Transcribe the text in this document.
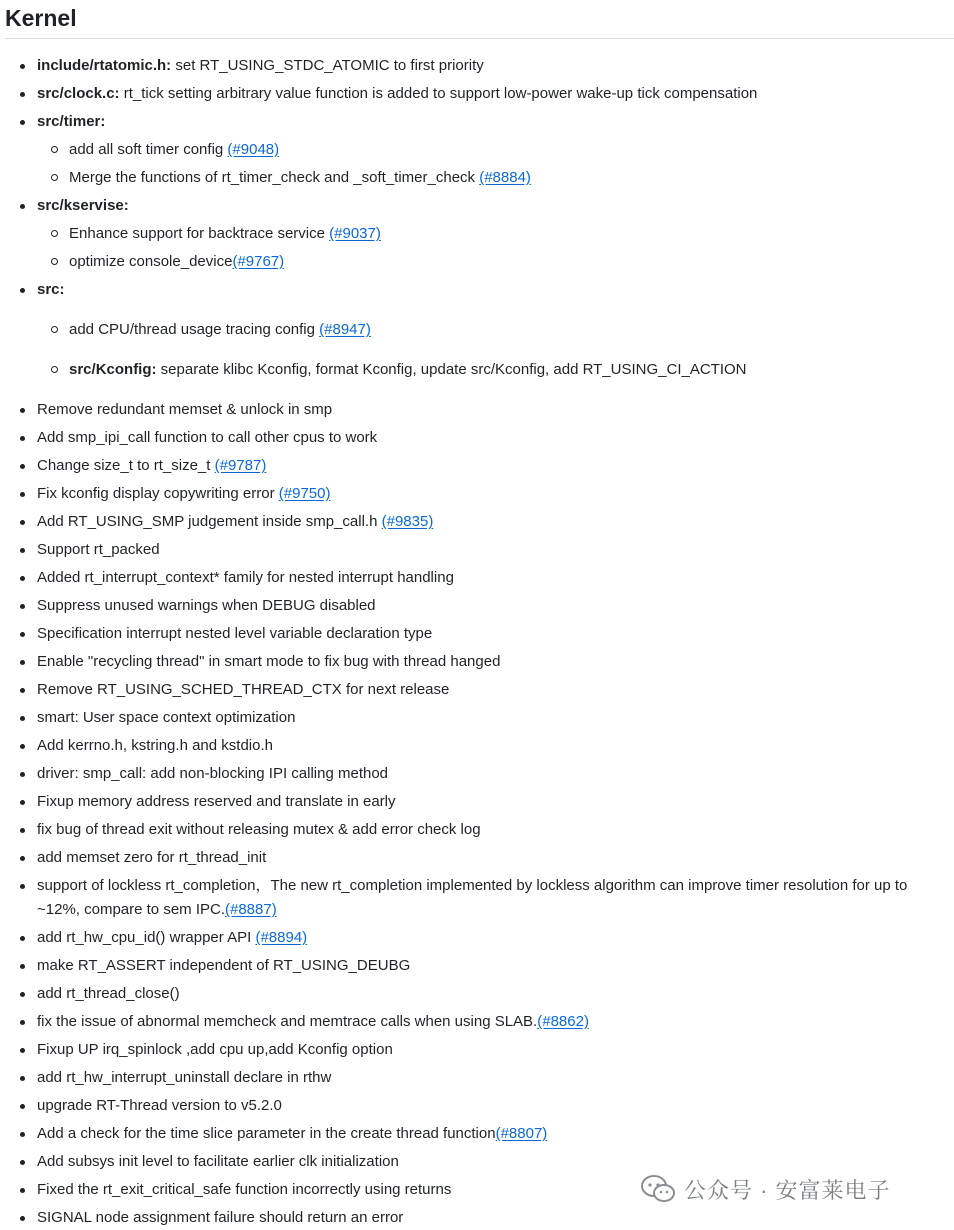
Kernel
include/rtatomic.h: set RT_USING_STDC_ATOMIC to first priority
src/clock.c: rt_tick setting arbitrary value function is added to support low-power wake-up tick compensation
src/timer:
add all soft timer config (#9048)
Merge the functions of rt_timer_check and _soft_timer_check (#8884)
src/kservise:
Enhance support for backtrace service (#9037)
optimize console_device(#9767)
src:
add CPU/thread usage tracing config (#8947)
src/Kconfig: separate klibc Kconfig, format Kconfig, update src/Kconfig, add RT_USING_CI_ACTION
Remove redundant memset & unlock in smp
Add smp_ipi_call function to call other cpus to work
Change size_t to rt_size_t (#9787)
Fix kconfig display copywriting error (#9750)
Add RT_USING_SMP judgement inside smp_call.h (#9835)
Support rt_packed
Added rt_interrupt_context* family for nested interrupt handling
Suppress unused warnings when DEBUG disabled
Specification interrupt nested level variable declaration type
Enable "recycling thread" in smart mode to fix bug with thread hanged
Remove RT_USING_SCHED_THREAD_CTX for next release
smart: User space context optimization
Add kerrno.h, kstring.h and kstdio.h
driver: smp_call: add non-blocking IPI calling method
Fixup memory address reserved and translate in early
fix bug of thread exit without releasing mutex & add error check log
add memset zero for rt_thread_init
support of lockless rt_completion，The new rt_completion implemented by lockless algorithm can improve timer resolution for up to ~12%, compare to sem IPC.(#8887)
add rt_hw_cpu_id() wrapper API (#8894)
make RT_ASSERT independent of RT_USING_DEUBG
add rt_thread_close()
fix the issue of abnormal memcheck and memtrace calls when using SLAB.(#8862)
Fixup UP irq_spinlock ,add cpu up,add Kconfig option
add rt_hw_interrupt_uninstall declare in rthw
upgrade RT-Thread version to v5.2.0
Add a check for the time slice parameter in the create thread function(#8807)
Add subsys init level to facilitate earlier clk initialization
Fixed the rt_exit_critical_safe function incorrectly using returns
SIGNAL node assignment failure should return an error
公众号 · 安富莱电子
